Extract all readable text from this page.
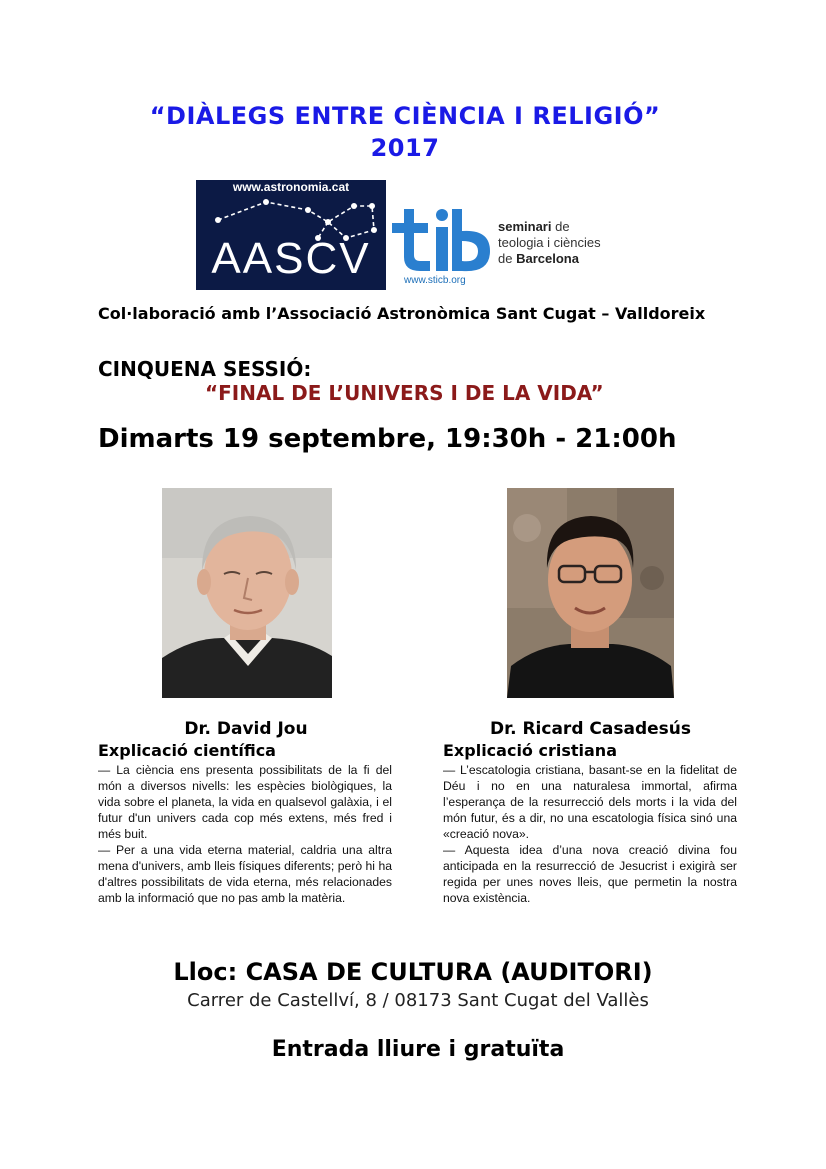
“DIÀLEGS ENTRE CIÈNCIA I RELIGIÓ”
2017
www.astronomia.cat
AASCV	www.sticb.org
seminari de
teologia i ciències
de Barcelona
Col·laboració amb l’Associació Astronòmica Sant Cugat – Valldoreix
CINQUENA SESSIÓ:
“FINAL DE L’UNIVERS I DE LA VIDA”
Dimarts 19 septembre, 19:30h - 21:00h
Dr. David Jou
Explicació científica

— La ciència ens presenta possibilitats de la fi del món a diversos nivells: les espècies biològiques, la vida sobre el planeta, la vida en qualsevol galàxia, i el futur d'un univers cada cop més extens, més fred i més buit.

— Per a una vida eterna material, caldria una altra mena d'univers, amb lleis físiques diferents; però hi ha d'altres possibilitats de vida eterna, més relacionades amb la informació que no pas amb la matèria.

Dr. Ricard Casadesús
Explicació cristiana

— L’escatologia cristiana, basant-se en la fidelitat de Déu i no en una naturalesa immortal, afirma l’esperança de la resurrecció dels morts i la vida del món futur, és a dir, no una escatologia física sinó una «creació nova».

— Aquesta idea d’una nova creació divina fou anticipada en la resurrecció de Jesucrist i exigirà ser regida per unes noves lleis, que permetin la nostra nova existència.

Lloc: CASA DE CULTURA (AUDITORI)
Carrer de Castellví, 8 / 08173 Sant Cugat del Vallès
Entrada lliure i gratuïta
